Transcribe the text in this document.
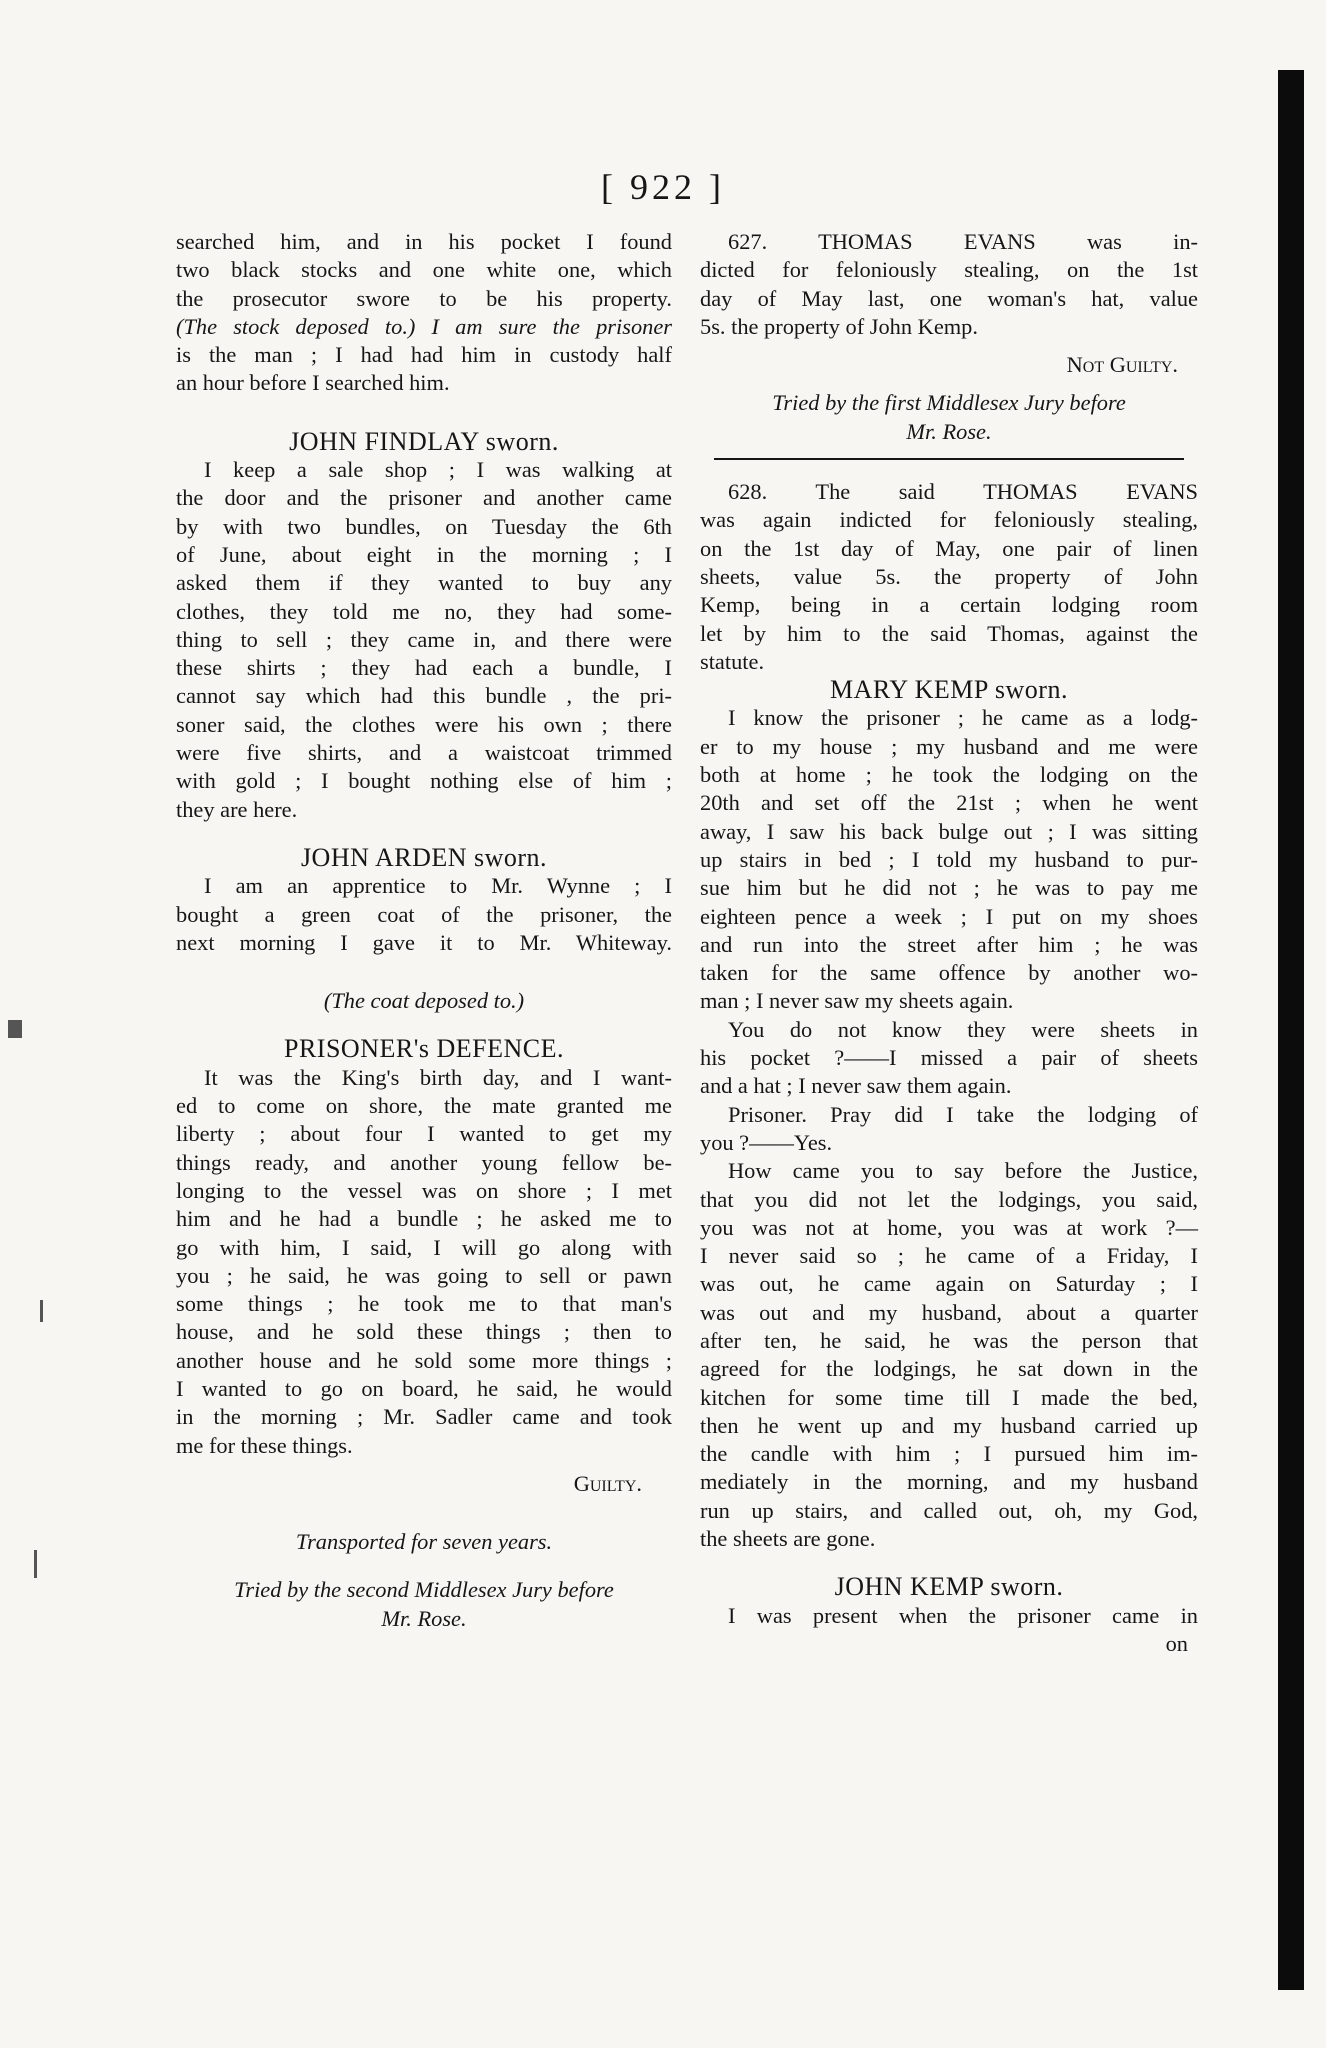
[ 922 ]
searched him, and in his pocket I found
two black stocks and one white one, which
the prosecutor swore to be his property.
(The stock deposed to.) I am sure the prisoner
is the man ; I had had him in custody half
an hour before I searched him.
JOHN FINDLAY sworn.
I keep a sale shop ; I was walking at
the door and the prisoner and another came
by with two bundles, on Tuesday the 6th
of June, about eight in the morning ; I
asked them if they wanted to buy any
clothes, they told me no, they had some-
thing to sell ; they came in, and there were
these shirts ; they had each a bundle, I
cannot say which had this bundle , the pri-
soner said, the clothes were his own ; there
were five shirts, and a waistcoat trimmed
with gold ; I bought nothing else of him ;
they are here.
JOHN ARDEN sworn.
I am an apprentice to Mr. Wynne ; I
bought a green coat of the prisoner, the
next morning I gave it to Mr. Whiteway.
(The coat deposed to.)
PRISONER's DEFENCE.
It was the King's birth day, and I want-
ed to come on shore, the mate granted me
liberty ; about four I wanted to get my
things ready, and another young fellow be-
longing to the vessel was on shore ; I met
him and he had a bundle ; he asked me to
go with him, I said, I will go along with
you ; he said, he was going to sell or pawn
some things ; he took me to that man's
house, and he sold these things ; then to
another house and he sold some more things ;
I wanted to go on board, he said, he would
in the morning ; Mr. Sadler came and took
me for these things.
Guilty.
Transported for seven years.
Tried by the second Middlesex Jury before
Mr. Rose.
627. THOMAS EVANS was in-
dicted for feloniously stealing, on the 1st
day of May last, one woman's hat, value
5s. the property of John Kemp.
Not Guilty.
Tried by the first Middlesex Jury before
Mr. Rose.
628. The said THOMAS EVANS
was again indicted for feloniously stealing,
on the 1st day of May, one pair of linen
sheets, value 5s. the property of John
Kemp, being in a certain lodging room
let by him to the said Thomas, against the
statute.
MARY KEMP sworn.
I know the prisoner ; he came as a lodg-
er to my house ; my husband and me were
both at home ; he took the lodging on the
20th and set off the 21st ; when he went
away, I saw his back bulge out ; I was sitting
up stairs in bed ; I told my husband to pur-
sue him but he did not ; he was to pay me
eighteen pence a week ; I put on my shoes
and run into the street after him ; he was
taken for the same offence by another wo-
man ; I never saw my sheets again.
You do not know they were sheets in
his pocket ?——I missed a pair of sheets
and a hat ; I never saw them again.
Prisoner. Pray did I take the lodging of
you ?——Yes.
How came you to say before the Justice,
that you did not let the lodgings, you said,
you was not at home, you was at work ?—
I never said so ; he came of a Friday, I
was out, he came again on Saturday ; I
was out and my husband, about a quarter
after ten, he said, he was the person that
agreed for the lodgings, he sat down in the
kitchen for some time till I made the bed,
then he went up and my husband carried up
the candle with him ; I pursued him im-
mediately in the morning, and my husband
run up stairs, and called out, oh, my God,
the sheets are gone.
JOHN KEMP sworn.
I was present when the prisoner came in
on
